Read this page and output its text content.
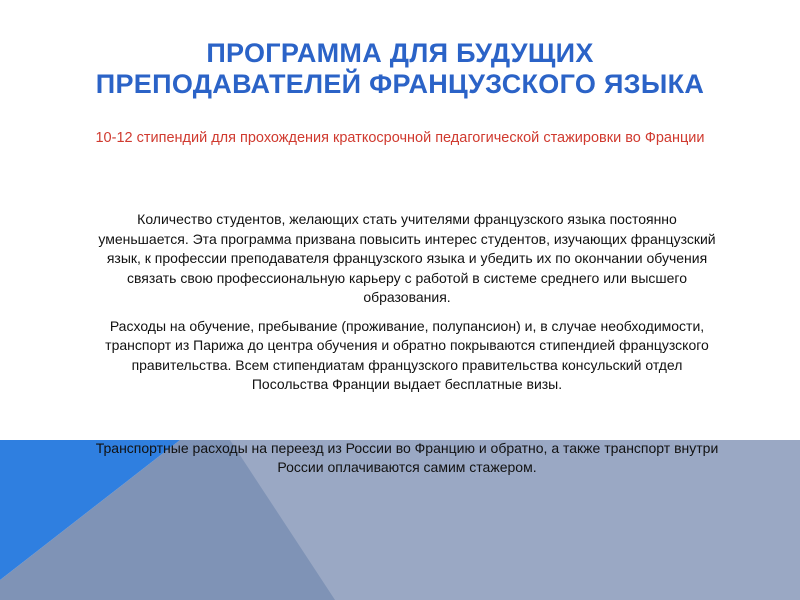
ПРОГРАММА ДЛЯ БУДУЩИХ
ПРЕПОДАВАТЕЛЕЙ ФРАНЦУЗСКОГО ЯЗЫКА
10-12 стипендий для прохождения краткосрочной педагогической стажировки во Франции

Количество студентов, желающих стать учителями французского языка постоянно уменьшается. Эта программа призвана повысить интерес студентов, изучающих французский язык, к профессии преподавателя французского языка и убедить их по окончании обучения связать свою профессиональную карьеру с работой в системе среднего или высшего образования.

Расходы на обучение, пребывание (проживание, полупансион) и, в случае необходимости, транспорт из Парижа до центра обучения и обратно покрываются стипендией французского правительства. Всем стипендиатам французского правительства консульский отдел Посольства Франции выдает бесплатные визы.

Транспортные расходы на переезд из России во Францию и обратно, а также транспорт внутри России оплачиваются самим стажером.
